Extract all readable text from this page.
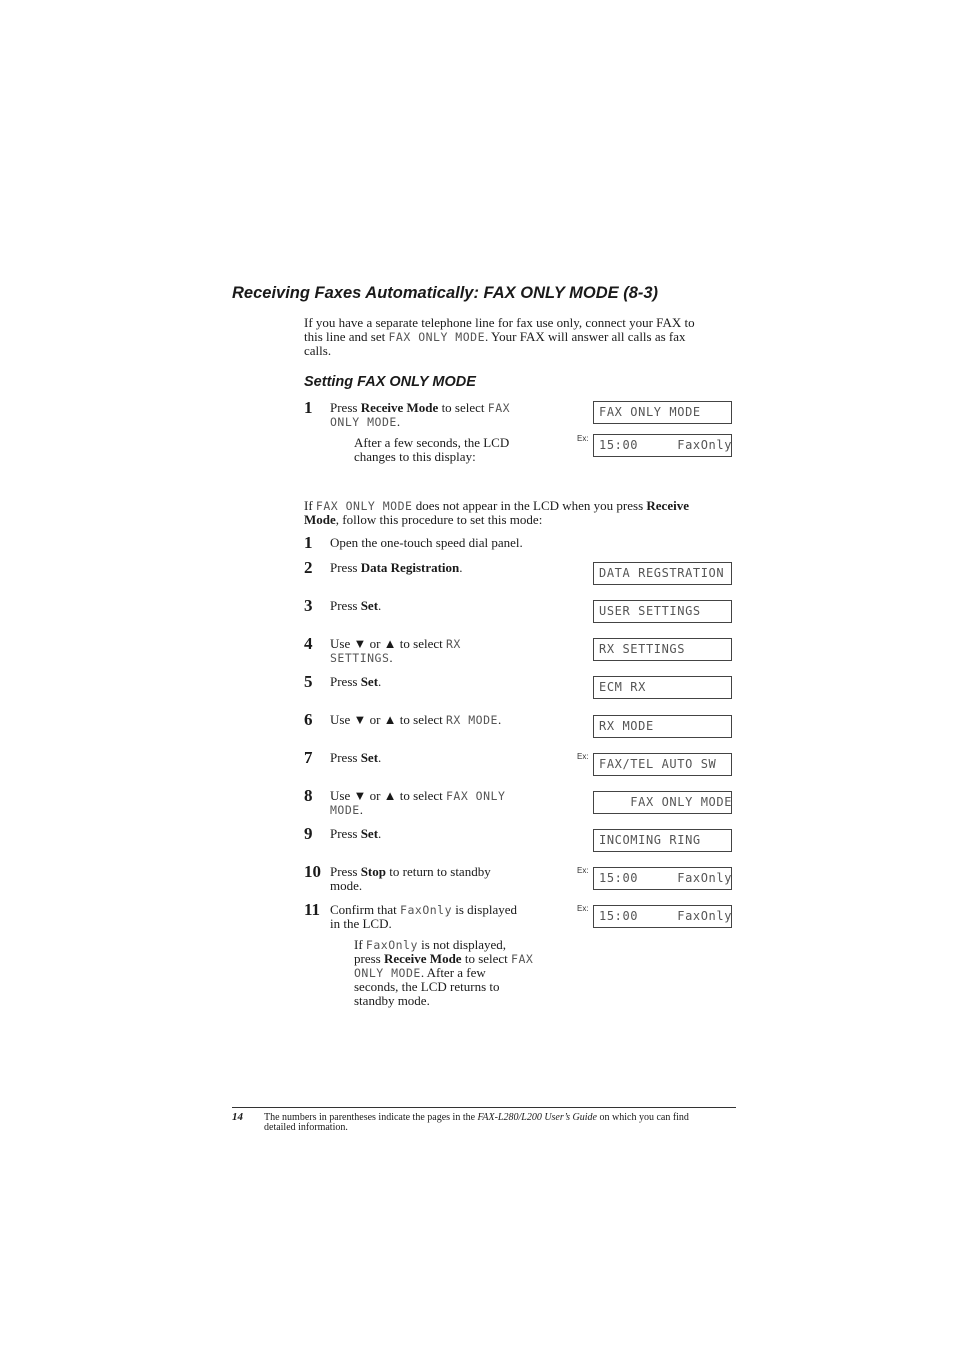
Receiving Faxes Automatically: FAX ONLY MODE (8-3)
If you have a separate telephone line for fax use only, connect your FAX to
this line and set FAX ONLY MODE. Your FAX will answer all calls as fax
calls.
Setting FAX ONLY MODE
1 Press Receive Mode to select FAX
ONLY MODE.
After a few seconds, the LCD
changes to this display:
FAX ONLY MODE
Ex: 15:00     FaxOnly
If FAX ONLY MODE does not appear in the LCD when you press Receive
Mode, follow this procedure to set this mode:
1 Open the one-touch speed dial panel.
2 Press Data Registration.
3 Press Set.
4 Use ▼ or ▲ to select RX
SETTINGS.
5 Press Set.
6 Use ▼ or ▲ to select RX MODE.
7 Press Set.
8 Use ▼ or ▲ to select FAX ONLY
MODE.
9 Press Set.
10 Press Stop to return to standby
mode.
11 Confirm that FaxOnly is displayed
in the LCD.
If FaxOnly is not displayed,
press Receive Mode to select FAX
ONLY MODE. After a few
seconds, the LCD returns to
standby mode.
DATA REGSTRATION
USER SETTINGS
RX SETTINGS
ECM RX
RX MODE
Ex:
FAX/TEL AUTO SW
FAX ONLY MODE
INCOMING RING
Ex:
15:00     FaxOnly
Ex:
15:00     FaxOnly
14 The numbers in parentheses indicate the pages in the FAX-L280/L200 User’s Guide on which you can find
detailed information.
